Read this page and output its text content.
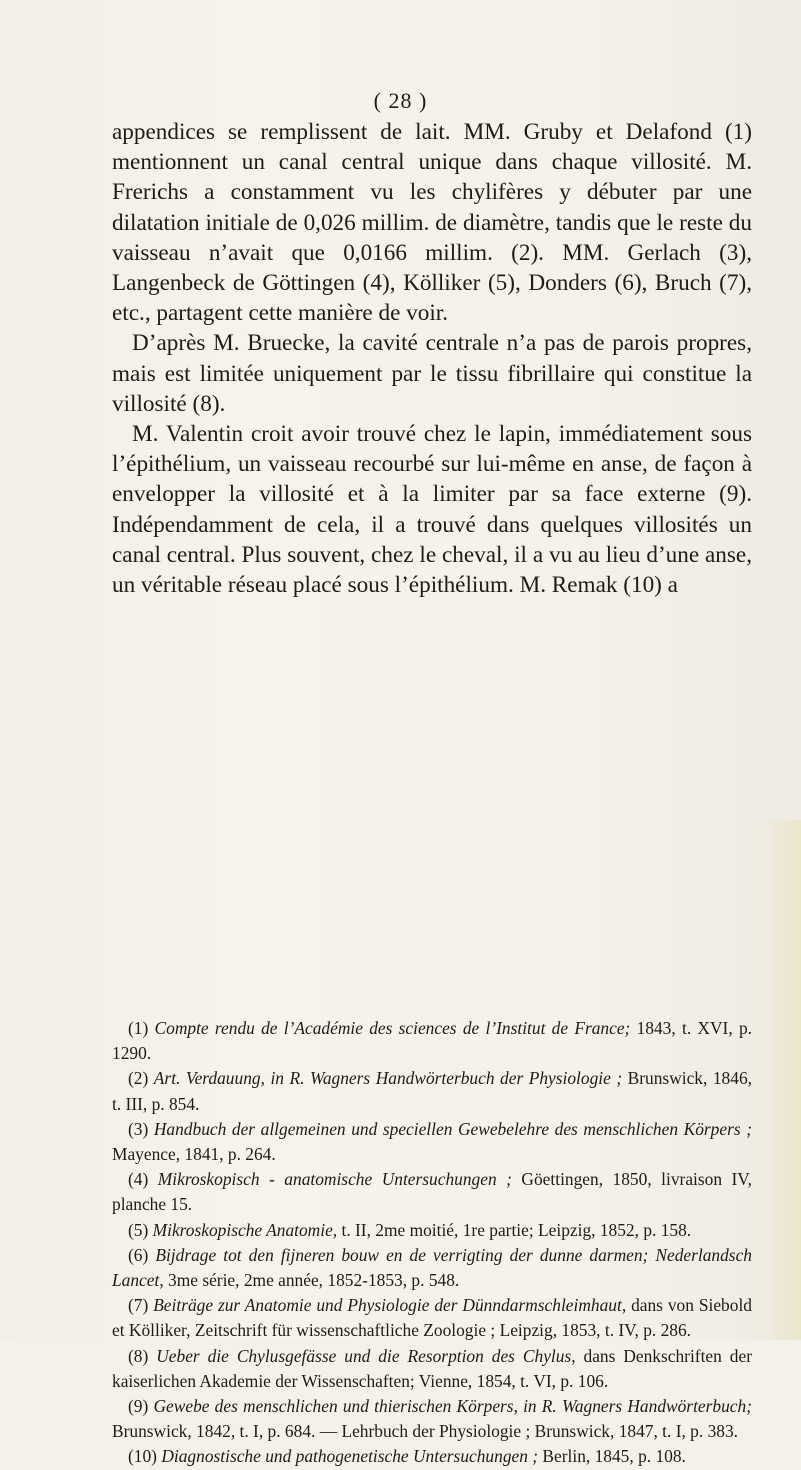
( 28 )

appendices se remplissent de lait. MM. Gruby et Delafond (1) mentionnent un canal central unique dans chaque villosité. M. Frerichs a constamment vu les chylifères y débuter par une dilatation initiale de 0,026 millim. de diamètre, tandis que le reste du vaisseau n’avait que 0,0166 millim. (2). MM. Gerlach (3), Langenbeck de Göttingen (4), Kölliker (5), Donders (6), Bruch (7), etc., partagent cette manière de voir.

D’après M. Bruecke, la cavité centrale n’a pas de parois propres, mais est limitée uniquement par le tissu fibrillaire qui constitue la villosité (8).

M. Valentin croit avoir trouvé chez le lapin, immédiatement sous l’épithélium, un vaisseau recourbé sur lui-même en anse, de façon à envelopper la villosité et à la limiter par sa face externe (9). Indépendamment de cela, il a trouvé dans quelques villosités un canal central. Plus souvent, chez le cheval, il a vu au lieu d’une anse, un véritable réseau placé sous l’épithélium. M. Remak (10) a

(1) Compte rendu de l’Académie des sciences de l’Institut de France; 1843, t. XVI, p. 1290.

(2) Art. Verdauung, in R. Wagners Handwörterbuch der Physiologie ; Brunswick, 1846, t. III, p. 854.

(3) Handbuch der allgemeinen und speciellen Gewebelehre des menschlichen Körpers ; Mayence, 1841, p. 264.

(4) Mikroskopisch - anatomische Untersuchungen ; Göettingen, 1850, livraison IV, planche 15.

(5) Mikroskopische Anatomie, t. II, 2me moitié, 1re partie; Leipzig, 1852, p. 158.

(6) Bijdrage tot den fijneren bouw en de verrigting der dunne darmen; Nederlandsch Lancet, 3me série, 2me année, 1852-1853, p. 548.

(7) Beiträge zur Anatomie und Physiologie der Dünndarmschleimhaut, dans von Siebold et Kölliker, Zeitschrift für wissenschaftliche Zoologie ; Leipzig, 1853, t. IV, p. 286.

(8) Ueber die Chylusgefässe und die Resorption des Chylus, dans Denkschriften der kaiserlichen Akademie der Wissenschaften; Vienne, 1854, t. VI, p. 106.

(9) Gewebe des menschlichen und thierischen Körpers, in R. Wagners Handwörterbuch; Brunswick, 1842, t. I, p. 684. — Lehrbuch der Physiologie ; Brunswick, 1847, t. I, p. 383.

(10) Diagnostische und pathogenetische Untersuchungen ; Berlin, 1845, p. 108.
